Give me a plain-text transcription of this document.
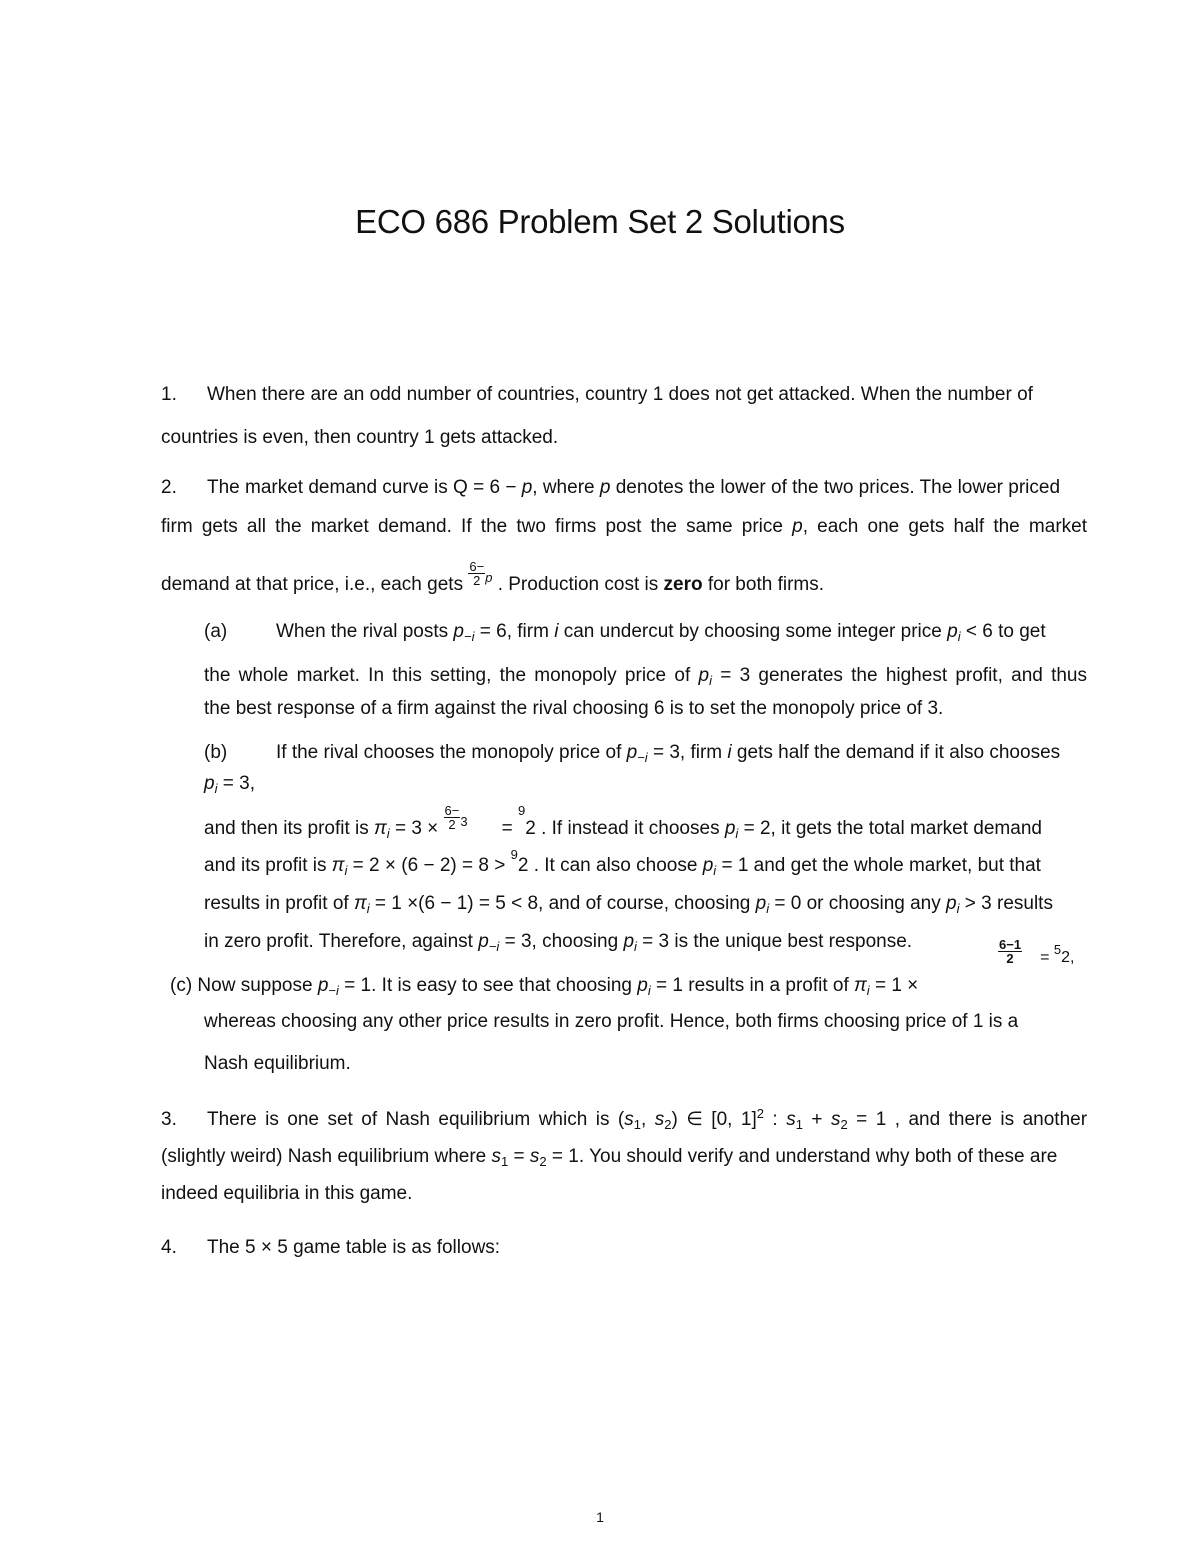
ECO 686 Problem Set 2 Solutions
1. When there are an odd number of countries, country 1 does not get attacked. When the number of
countries is even, then country 1 gets attacked.
2. The market demand curve is Q = 6 − p, where p denotes the lower of the two prices. The lower priced
firm gets all the market demand. If the two firms post the same price p, each one gets half the market
demand at that price, i.e., each gets $\frac{6-}{2} ^p$ . Production cost is zero for both firms.
(a)	When the rival posts $p_{-i} = 6$, firm i can undercut by choosing some integer price $p_i < 6$ to get
the whole market. In this setting, the monopoly price of $p_i = 3$ generates the highest profit, and thus
the best response of a firm against the rival choosing 6 is to set the monopoly price of 3.
(b)	If the rival chooses the monopoly price of $p_{-i} = 3$, firm i gets half the demand if it also chooses
$p_i = 3$,
and then its profit is $\pi_i = 3 \times \frac{6-}{2} ^3$ =
9
2 . If instead it chooses $p_i = 2$, it gets the total market demand
and its profit is $\pi_i = 2 \times (6 - 2) = 8$ >
9
2 . It can also choose $p_i = 1$ and get the whole market, but that
results in profit of $\pi_i = 1 \times(6 - 1) = 5 < 8$, and of course, choosing $p_i = 0$ or choosing any $p_i > 3$ results
in zero profit. Therefore, against $p_{-i} = 3$, choosing $p_i = 3$ is the unique best response.	$\frac{6-1}{2} = 52$,
(c) Now suppose $p_{-i} = 1$. It is easy to see that choosing $p_i = 1$ results in a profit of $\pi_i = 1$ ×
whereas choosing any other price results in zero profit. Hence, both firms choosing price of 1 is a
Nash equilibrium.
3. There is one set of Nash equilibrium which is ($s_1$, $s_2$) ∈ [0, 1]$^2$ : $s_1 + s_2 = 1$ , and there is another
(slightly weird) Nash equilibrium where $s_1 = s_2 = 1$. You should verify and understand why both of these are
indeed equilibria in this game.
4. The 5 × 5 game table is as follows:
1
